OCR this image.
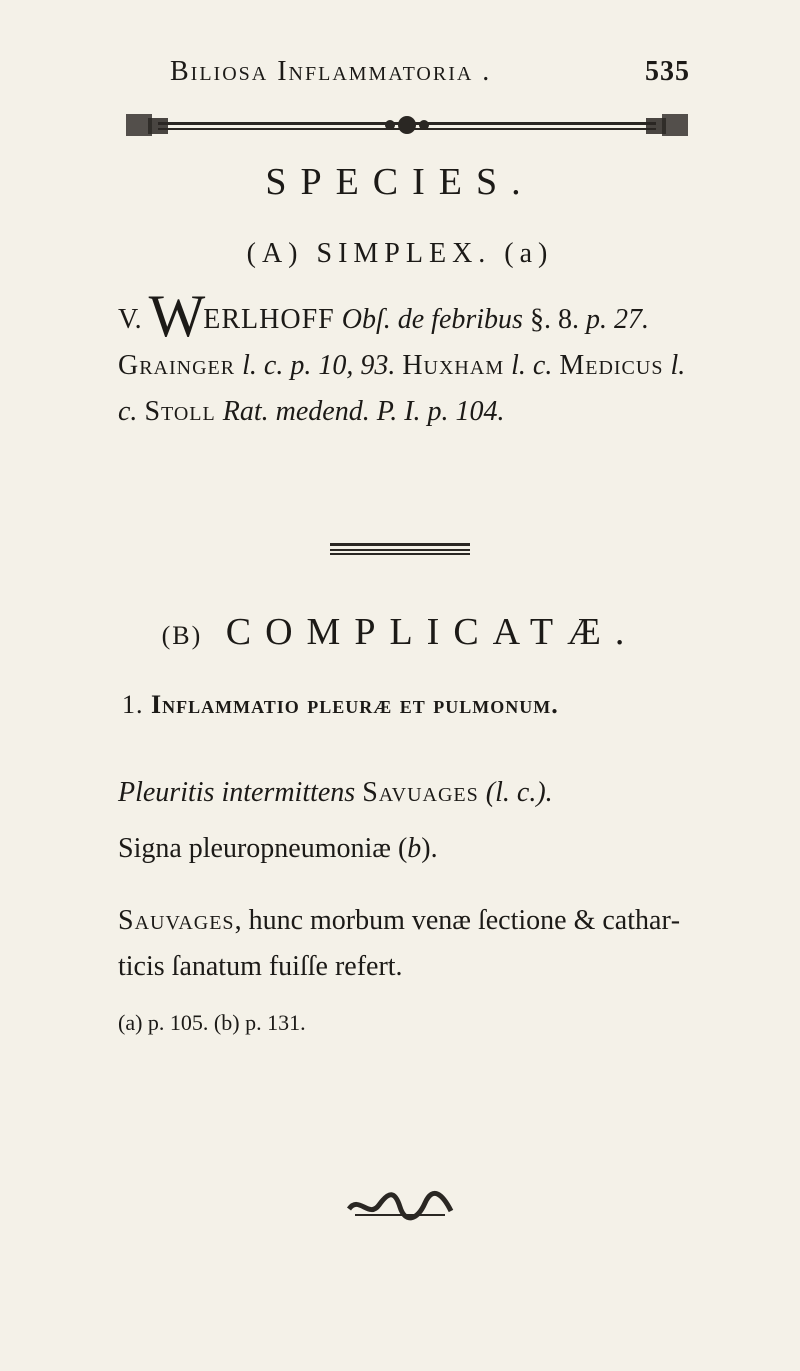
Biliosa Inflammatoria .	535
SPECIES.
(A) SIMPLEX. (a)
V. WERLHOFF Obſ. de febribus §. 8. p. 27. Grainger l. c. p. 10, 93. Huxham l. c. Medicus l. c. Stoll Rat. medend. P. I. p. 104.
(B) COMPLICATÆ.
1. Inflammatio pleuræ et pulmonum.
Pleuritis intermittens Savuages (l. c.).
Signa pleuropneumoniæ (b).
Sauvages, hunc morbum venæ ſectione & catharticis ſanatum fuiſſe refert.
(a) p. 105. (b) p. 131.
